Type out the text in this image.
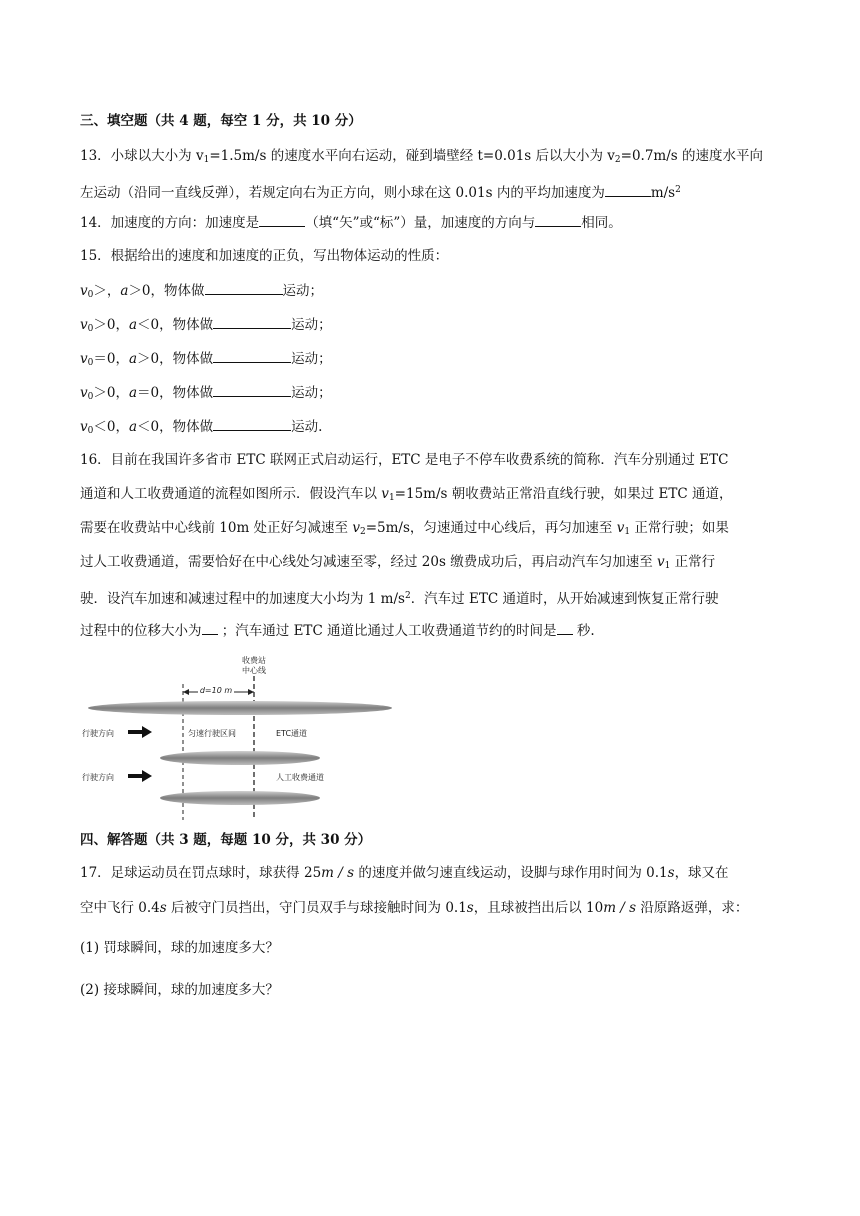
三、填空题（共 4 题，每空 1 分，共 10 分）
13．小球以大小为 $v_1=1.5m/s$ 的速度水平向右运动，碰到墙壁经 t=0.01s 后以大小为 $v_2=0.7m/s$ 的速度水平向
左运动（沿同一直线反弹），若规定向右为正方向，则小球在这 0.01s 内的平均加速度为	$m/s^2$
14．加速度的方向：加速度是	（填“矢”或“标”）量，加速度的方向与	相同。
15．根据给出的速度和加速度的正负，写出物体运动的性质：
$v_0>$，a＞0，物体做	运动；
$v_0>0$，a＜0，物体做	运动；
$v_0=0$，a＞0，物体做	运动；
$v_0>0$，a＝0，物体做	运动；
$v_0<0$，a＜0，物体做	运动.
16．目前在我国许多省市 ETC 联网正式启动运行，ETC 是电子不停车收费系统的简称．汽车分别通过 ETC
通道和人工收费通道的流程如图所示．假设汽车以 $v_1=15m/s$ 朝收费站正常沿直线行驶，如果过 ETC 通道，
需要在收费站中心线前 10m 处正好匀减速至 $v_2=5m/s$，匀速通过中心线后，再匀加速至 $v_1$ 正常行驶；如果
过人工收费通道，需要恰好在中心线处匀减速至零，经过 20s 缴费成功后，再启动汽车匀加速至 $v_1$ 正常行
驶．设汽车加速和减速过程中的加速度大小均为 1 $m/s^2$．汽车过 ETC 通道时，从开始减速到恢复正常行驶
过程中的位移大小为 ；汽车通过 ETC 通道比通过人工收费通道节约的时间是 秒.
收费站
中心线
d=10 m
行驶方向	匀速行驶区间	ETC通道
行驶方向	人工收费通道
四、解答题（共 3 题，每题 10 分，共 30 分）
17．足球运动员在罚点球时，球获得 25m / s 的速度并做匀速直线运动，设脚与球作用时间为 0.1s，球又在
空中飞行 0.4s 后被守门员挡出，守门员双手与球接触时间为 0.1s，且球被挡出后以 10m / s 沿原路返弹，求：
(1) 罚球瞬间，球的加速度多大？
(2) 接球瞬间，球的加速度多大？
